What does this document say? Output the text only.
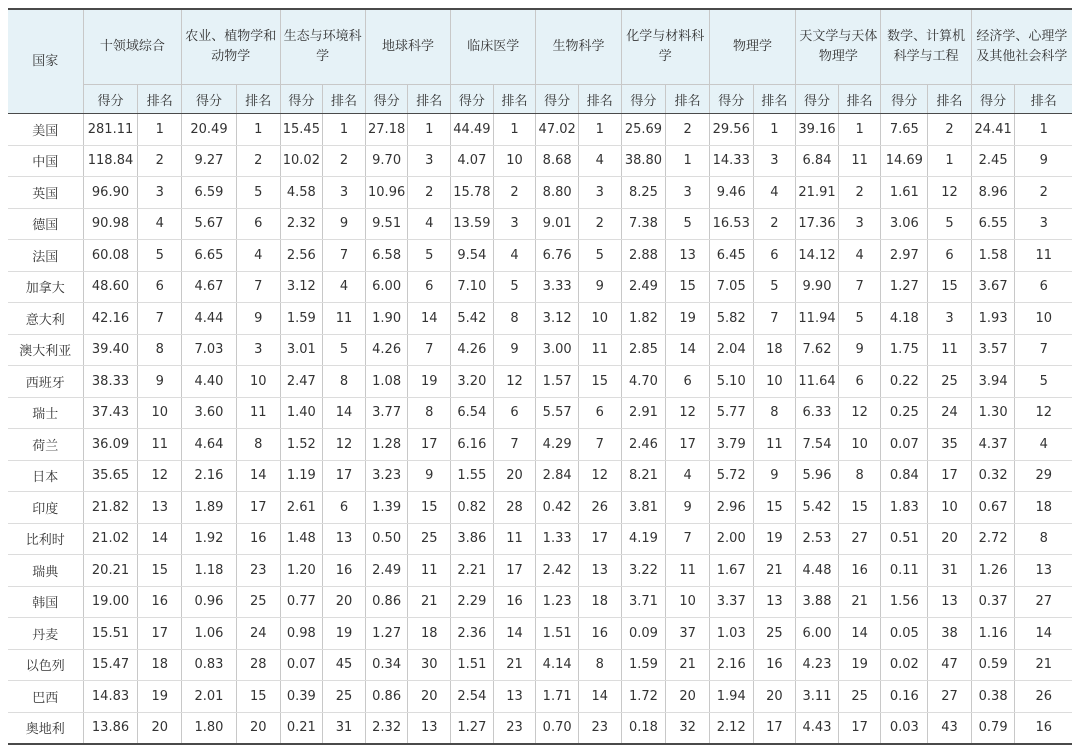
国家	十领域综合		农业、植物学和动物学		生态与环境科学		地球科学		临床医学		生物科学		化学与材料科学		物理学		天文学与天体物理学		数学、计算机科学与工程		经济学、心理学及其他社会科学	
	得分	排名	得分	排名	得分	排名	得分	排名	得分	排名	得分	排名	得分	排名	得分	排名	得分	排名	得分	排名	得分	排名
美国	281.11	1	20.49	1	15.45	1	27.18	1	44.49	1	47.02	1	25.69	2	29.56	1	39.16	1	7.65	2	24.41	1
中国	118.84	2	9.27	2	10.02	2	9.70	3	4.07	10	8.68	4	38.80	1	14.33	3	6.84	11	14.69	1	2.45	9
英国	96.90	3	6.59	5	4.58	3	10.96	2	15.78	2	8.80	3	8.25	3	9.46	4	21.91	2	1.61	12	8.96	2
德国	90.98	4	5.67	6	2.32	9	9.51	4	13.59	3	9.01	2	7.38	5	16.53	2	17.36	3	3.06	5	6.55	3
法国	60.08	5	6.65	4	2.56	7	6.58	5	9.54	4	6.76	5	2.88	13	6.45	6	14.12	4	2.97	6	1.58	11
加拿大	48.60	6	4.67	7	3.12	4	6.00	6	7.10	5	3.33	9	2.49	15	7.05	5	9.90	7	1.27	15	3.67	6
意大利	42.16	7	4.44	9	1.59	11	1.90	14	5.42	8	3.12	10	1.82	19	5.82	7	11.94	5	4.18	3	1.93	10
澳大利亚	39.40	8	7.03	3	3.01	5	4.26	7	4.26	9	3.00	11	2.85	14	2.04	18	7.62	9	1.75	11	3.57	7
西班牙	38.33	9	4.40	10	2.47	8	1.08	19	3.20	12	1.57	15	4.70	6	5.10	10	11.64	6	0.22	25	3.94	5
瑞士	37.43	10	3.60	11	1.40	14	3.77	8	6.54	6	5.57	6	2.91	12	5.77	8	6.33	12	0.25	24	1.30	12
荷兰	36.09	11	4.64	8	1.52	12	1.28	17	6.16	7	4.29	7	2.46	17	3.79	11	7.54	10	0.07	35	4.37	4
日本	35.65	12	2.16	14	1.19	17	3.23	9	1.55	20	2.84	12	8.21	4	5.72	9	5.96	8	0.84	17	0.32	29
印度	21.82	13	1.89	17	2.61	6	1.39	15	0.82	28	0.42	26	3.81	9	2.96	15	5.42	15	1.83	10	0.67	18
比利时	21.02	14	1.92	16	1.48	13	0.50	25	3.86	11	1.33	17	4.19	7	2.00	19	2.53	27	0.51	20	2.72	8
瑞典	20.21	15	1.18	23	1.20	16	2.49	11	2.21	17	2.42	13	3.22	11	1.67	21	4.48	16	0.11	31	1.26	13
韩国	19.00	16	0.96	25	0.77	20	0.86	21	2.29	16	1.23	18	3.71	10	3.37	13	3.88	21	1.56	13	0.37	27
丹麦	15.51	17	1.06	24	0.98	19	1.27	18	2.36	14	1.51	16	0.09	37	1.03	25	6.00	14	0.05	38	1.16	14
以色列	15.47	18	0.83	28	0.07	45	0.34	30	1.51	21	4.14	8	1.59	21	2.16	16	4.23	19	0.02	47	0.59	21
巴西	14.83	19	2.01	15	0.39	25	0.86	20	2.54	13	1.71	14	1.72	20	1.94	20	3.11	25	0.16	27	0.38	26
奥地利	13.86	20	1.80	20	0.21	31	2.32	13	1.27	23	0.70	23	0.18	32	2.12	17	4.43	17	0.03	43	0.79	16
